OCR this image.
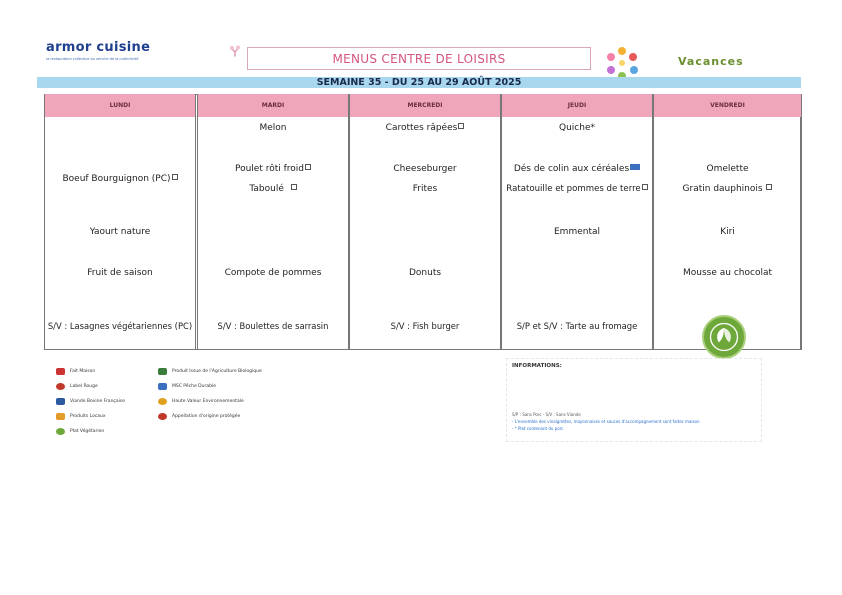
armor cuisine
la restauration collective au service de la collectivité	MENUS CENTRE DE LOISIRS	Vacances
SEMAINE 35 - DU 25 AU 29 AOÛT 2025
LUNDI
Boeuf Bourguignon (PC)
Yaourt nature
Fruit de saison
S/V : Lasagnes végétariennes (PC)
MARDI
Melon
Poulet rôti froid
Taboulé
Compote de pommes
S/V : Boulettes de sarrasin
MERCREDI
Carottes râpées
Cheeseburger
Frites
Donuts
S/V : Fish burger
JEUDI
Quiche*
Dés de colin aux céréales
Ratatouille et pommes de terre
Emmental
S/P et S/V : Tarte au fromage
VENDREDI
Omelette
Gratin dauphinois
Kiri
Mousse au chocolat
Fait Maison
Label Rouge
Viande Bovine Française
Produits Locaux
Plat Végétarien
Produit Issue de l'Agriculture Biologique
MSC Pêche Durable
Haute Valeur Environnementale
Appellation d'origine protégée
INFORMATIONS:
S/P : Sans Porc - S/V : Sans Viande
- L'ensemble des vinaigrettes, mayonnaises et sauces d'accompagnement sont faites maison
- * Plat contenant du porc
